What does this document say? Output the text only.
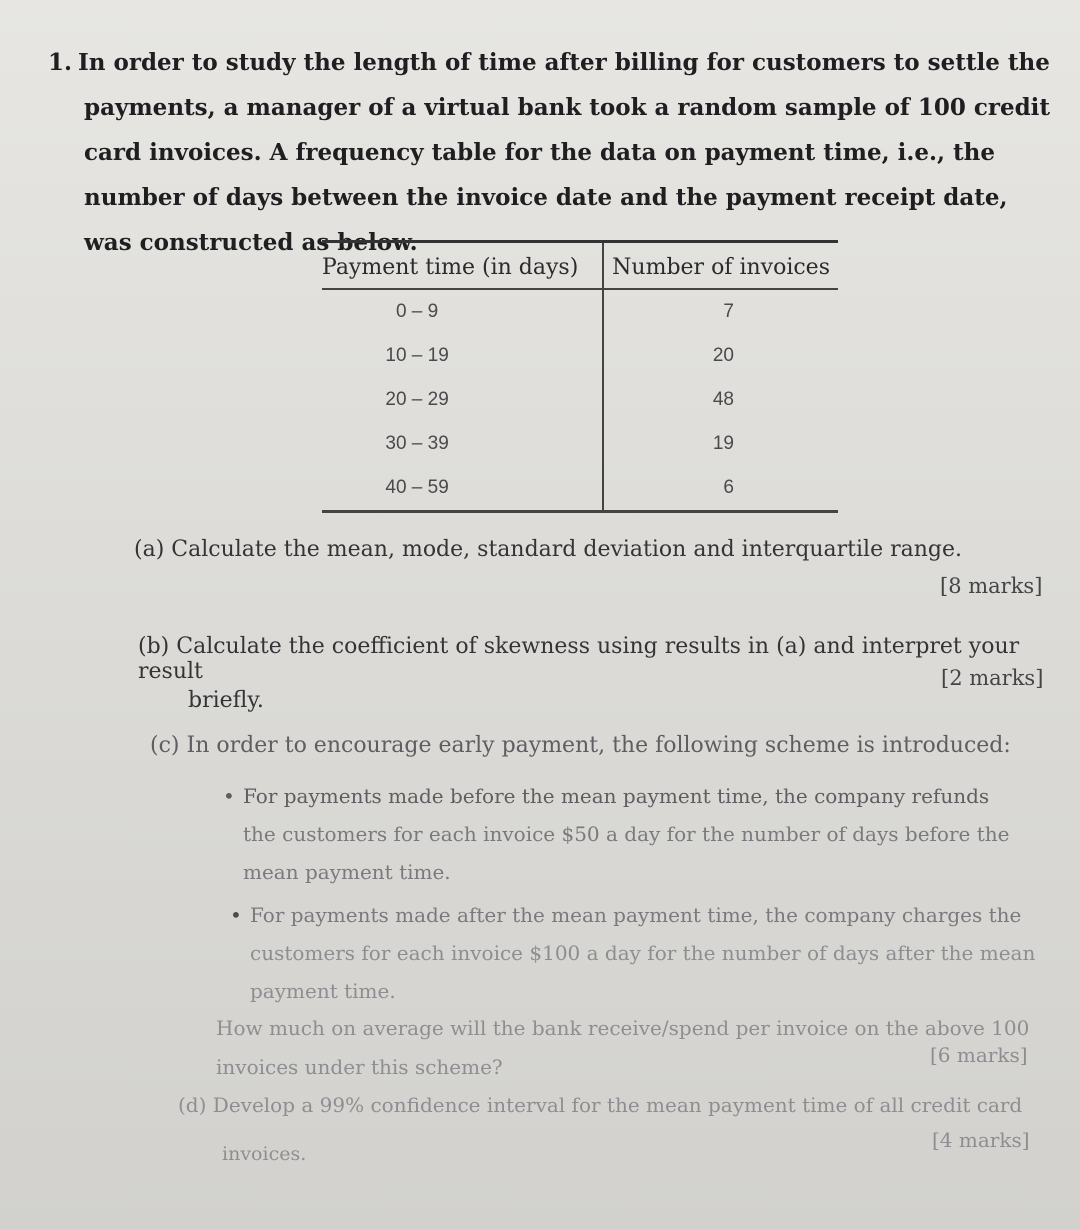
1. In order to study the length of time after billing for customers to settle the payments, a manager of a virtual bank took a random sample of 100 credit card invoices. A frequency table for the data on payment time, i.e., the number of days between the invoice date and the payment receipt date, was constructed as below.
Payment time (in days)	Number of invoices
0 – 9	7
10 – 19	20
20 – 29	48
30 – 39	19
40 – 59	6
(a) Calculate the mean, mode, standard deviation and interquartile range.
[8 marks]
(b) Calculate the coefficient of skewness using results in (a) and interpret your result
briefly.
[2 marks]
(c) In order to encourage early payment, the following scheme is introduced:
• For payments made before the mean payment time, the company refunds
the customers for each invoice $50 a day for the number of days before the
mean payment time.
• For payments made after the mean payment time, the company charges the
customers for each invoice $100 a day for the number of days after the mean
payment time.
How much on average will the bank receive/spend per invoice on the above 100
invoices under this scheme?	[6 marks]
(d) Develop a 99% confidence interval for the mean payment time of all credit card
invoices.
[4 marks]
